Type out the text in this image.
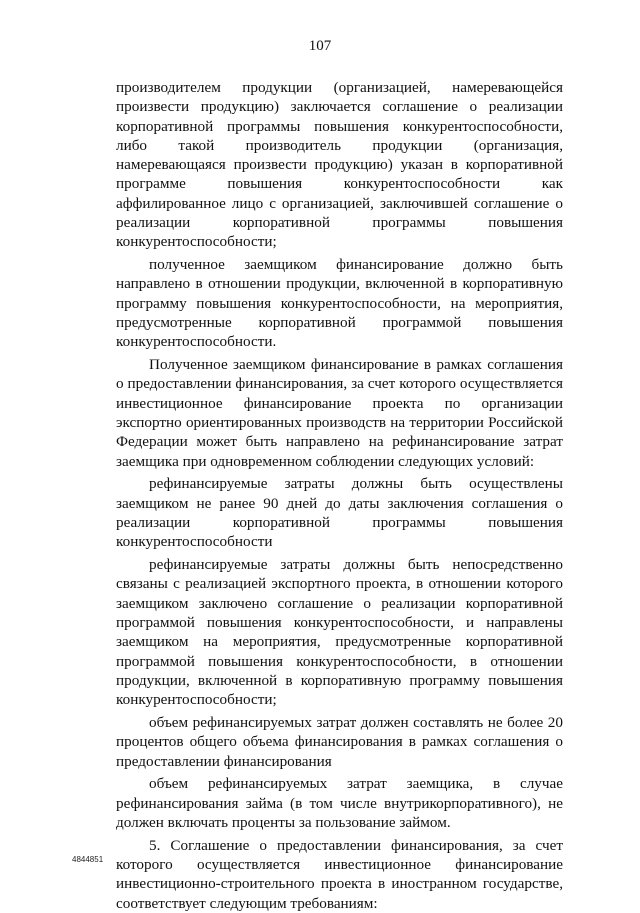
107

производителем продукции (организацией, намеревающейся произвести продукцию) заключается соглашение о реализации корпоративной программы повышения конкурентоспособности, либо такой производитель продукции (организация, намеревающаяся произвести продукцию) указан в корпоративной программе повышения конкурентоспособности как аффилированное лицо с организацией, заключившей соглашение о реализации корпоративной программы повышения конкурентоспособности;

полученное заемщиком финансирование должно быть направлено в отношении продукции, включенной в корпоративную программу повышения конкурентоспособности, на мероприятия, предусмотренные корпоративной программой повышения конкурентоспособности.

Полученное заемщиком финансирование в рамках соглашения о предоставлении финансирования, за счет которого осуществляется инвестиционное финансирование проекта по организации экспортно ориентированных производств на территории Российской Федерации может быть направлено на рефинансирование затрат заемщика при одновременном соблюдении следующих условий:

рефинансируемые затраты должны быть осуществлены заемщиком не ранее 90 дней до даты заключения соглашения о реализации корпоративной программы повышения конкурентоспособности

рефинансируемые затраты должны быть непосредственно связаны с реализацией экспортного проекта, в отношении которого заемщиком заключено соглашение о реализации корпоративной программой повышения конкурентоспособности, и направлены заемщиком на мероприятия, предусмотренные корпоративной программой повышения конкурентоспособности, в отношении продукции, включенной в корпоративную программу повышения конкурентоспособности;

объем рефинансируемых затрат должен составлять не более 20 процентов общего объема финансирования в рамках соглашения о предоставлении финансирования

объем рефинансируемых затрат заемщика, в случае рефинансирования займа (в том числе внутрикорпоративного), не должен включать проценты за пользование займом.

5. Соглашение о предоставлении финансирования, за счет которого осуществляется инвестиционное финансирование инвестиционно-строительного проекта в иностранном государстве, соответствует следующим требованиям:

4844851
